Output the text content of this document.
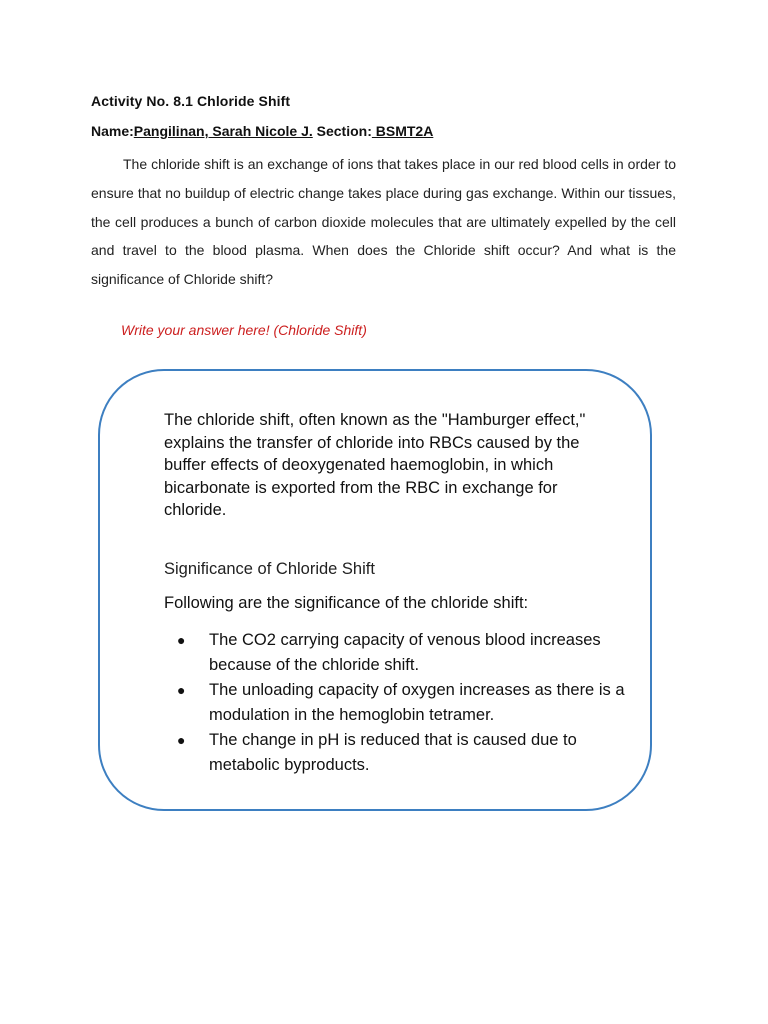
Activity No. 8.1 Chloride Shift
Name:Pangilinan, Sarah Nicole J. Section: BSMT2A
The chloride shift is an exchange of ions that takes place in our red blood cells in order to ensure that no buildup of electric change takes place during gas exchange. Within our tissues, the cell produces a bunch of carbon dioxide molecules that are ultimately expelled by the cell and travel to the blood plasma. When does the Chloride shift occur? And what is the significance of Chloride shift?
Write your answer here! (Chloride Shift)

The chloride shift, often known as the "Hamburger effect," explains the transfer of chloride into RBCs caused by the buffer effects of deoxygenated haemoglobin, in which bicarbonate is exported from the RBC in exchange for chloride.

Significance of Chloride Shift
Following are the significance of the chloride shift:
● The CO2 carrying capacity of venous blood increases because of the chloride shift.
● The unloading capacity of oxygen increases as there is a modulation in the hemoglobin tetramer.
● The change in pH is reduced that is caused due to metabolic byproducts.
